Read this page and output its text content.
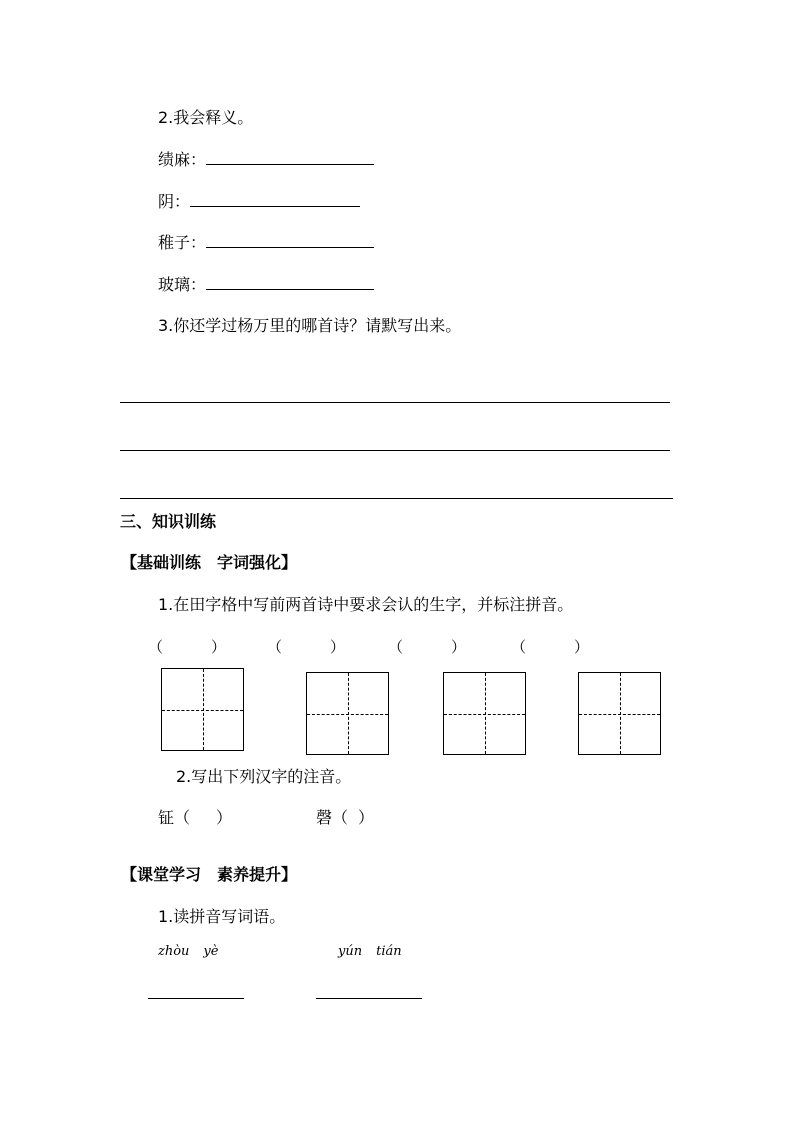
2.我会释义。
绩麻：
阴：
稚子：
玻璃：
3.你还学过杨万里的哪首诗？请默写出来。
三、知识训练
【基础训练　字词强化】
1.在田字格中写前两首诗中要求会认的生字，并标注拼音。
（	）	（	）	（	）	（	）
2.写出下列汉字的注音。
钲（ ）	磬（ ）
【课堂学习　素养提升】
1.读拼音写词语。
zhòu yè	yún tián
